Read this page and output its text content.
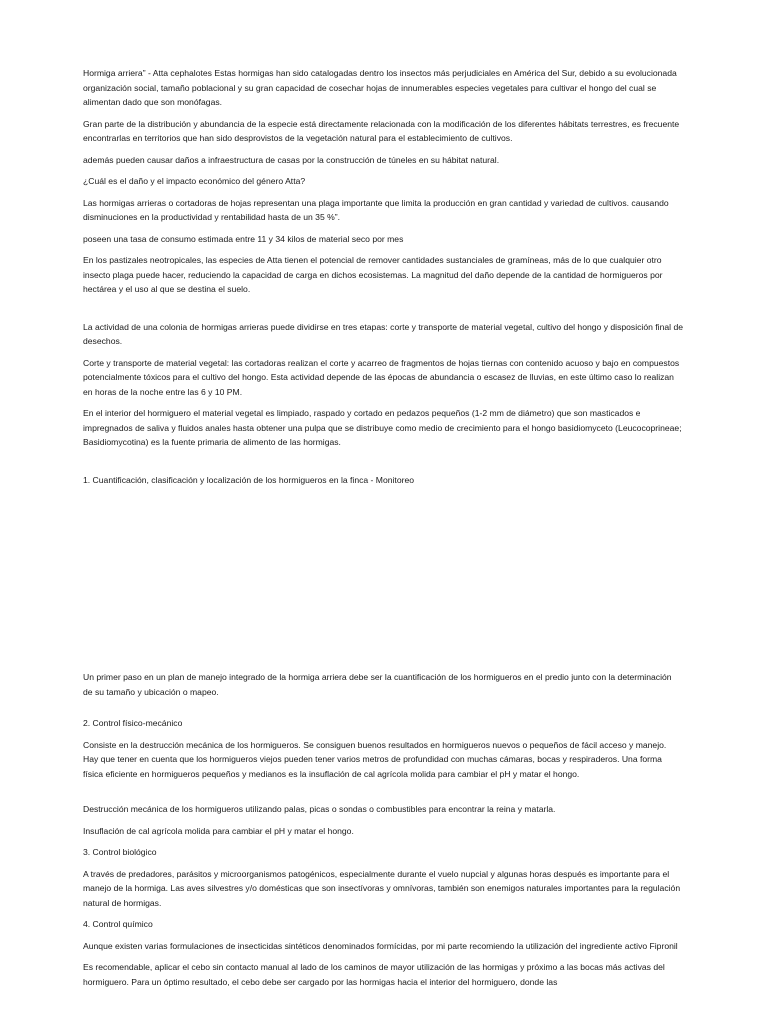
Hormiga arriera” - Atta cephalotes Estas hormigas han sido catalogadas dentro los insectos más perjudiciales en América del Sur, debido a su evolucionada organización social, tamaño poblacional y su gran capacidad de cosechar hojas de innumerables especies vegetales para cultivar el hongo del cual se alimentan dado que son monófagas.

Gran parte de la distribución y abundancia de la especie está directamente relacionada con la modificación de los diferentes hábitats terrestres, es frecuente encontrarlas en territorios que han sido desprovistos de la vegetación natural para el establecimiento de cultivos.

además pueden causar daños a infraestructura de casas por la construcción de túneles en su hábitat natural.

¿Cuál es el daño y el impacto económico del género Atta?

Las hormigas arrieras o cortadoras de hojas representan una plaga importante que limita la producción en gran cantidad y variedad de cultivos. causando disminuciones en la productividad y rentabilidad hasta de un 35 %”.

poseen una tasa de consumo estimada entre 11 y 34 kilos de material seco por mes

En los pastizales neotropicales, las especies de Atta tienen el potencial de remover cantidades sustanciales de gramíneas, más de lo que cualquier otro insecto plaga puede hacer, reduciendo la capacidad de carga en dichos ecosistemas. La magnitud del daño depende de la cantidad de hormigueros por hectárea y el uso al que se destina el suelo.

La actividad de una colonia de hormigas arrieras puede dividirse en tres etapas: corte y transporte de material vegetal, cultivo del hongo y disposición final de desechos.

Corte y transporte de material vegetal: las cortadoras realizan el corte y acarreo de fragmentos de hojas tiernas con contenido acuoso y bajo en compuestos potencialmente tóxicos para el cultivo del hongo. Esta actividad depende de las épocas de abundancia o escasez de lluvias, en este último caso lo realizan en horas de la noche entre las 6 y 10 PM.

En el interior del hormiguero el material vegetal es limpiado, raspado y cortado en pedazos pequeños (1-2 mm de diámetro) que son masticados e impregnados de saliva y fluidos anales hasta obtener una pulpa que se distribuye como medio de crecimiento para el hongo basidiomyceto (Leucocoprineae; Basidiomycotina) es la fuente primaria de alimento de las hormigas.

1. Cuantificación, clasificación y localización de los hormigueros en la finca - Monitoreo

Un primer paso en un plan de manejo integrado de la hormiga arriera debe ser la cuantificación de los hormigueros en el predio junto con la determinación de su tamaño y ubicación o mapeo.

2. Control físico-mecánico

Consiste en la destrucción mecánica de los hormigueros. Se consiguen buenos resultados en hormigueros nuevos o pequeños de fácil acceso y manejo. Hay que tener en cuenta que los hormigueros viejos pueden tener varios metros de profundidad con muchas cámaras, bocas y respiraderos. Una forma física eficiente en hormigueros pequeños y medianos es la insuflación de cal agrícola molida para cambiar el pH y matar el hongo.

Destrucción mecánica de los hormigueros utilizando palas, picas o sondas o combustibles para encontrar la reina y matarla.

Insuflación de cal agrícola molida para cambiar el pH y matar el hongo.

3. Control biológico

A través de predadores, parásitos y microorganismos patogénicos, especialmente durante el vuelo nupcial y algunas horas después es importante para el manejo de la hormiga. Las aves silvestres y/o domésticas que son insectívoras y omnívoras, también son enemigos naturales importantes para la regulación natural de hormigas.

4. Control químico

Aunque existen varias formulaciones de insecticidas sintéticos denominados formícidas, por mi parte recomiendo la utilización del ingrediente activo Fipronil

Es recomendable, aplicar el cebo sin contacto manual al lado de los caminos de mayor utilización de las hormigas y próximo a las bocas más activas del hormiguero. Para un óptimo resultado, el cebo debe ser cargado por las hormigas hacia el interior del hormiguero, donde las
